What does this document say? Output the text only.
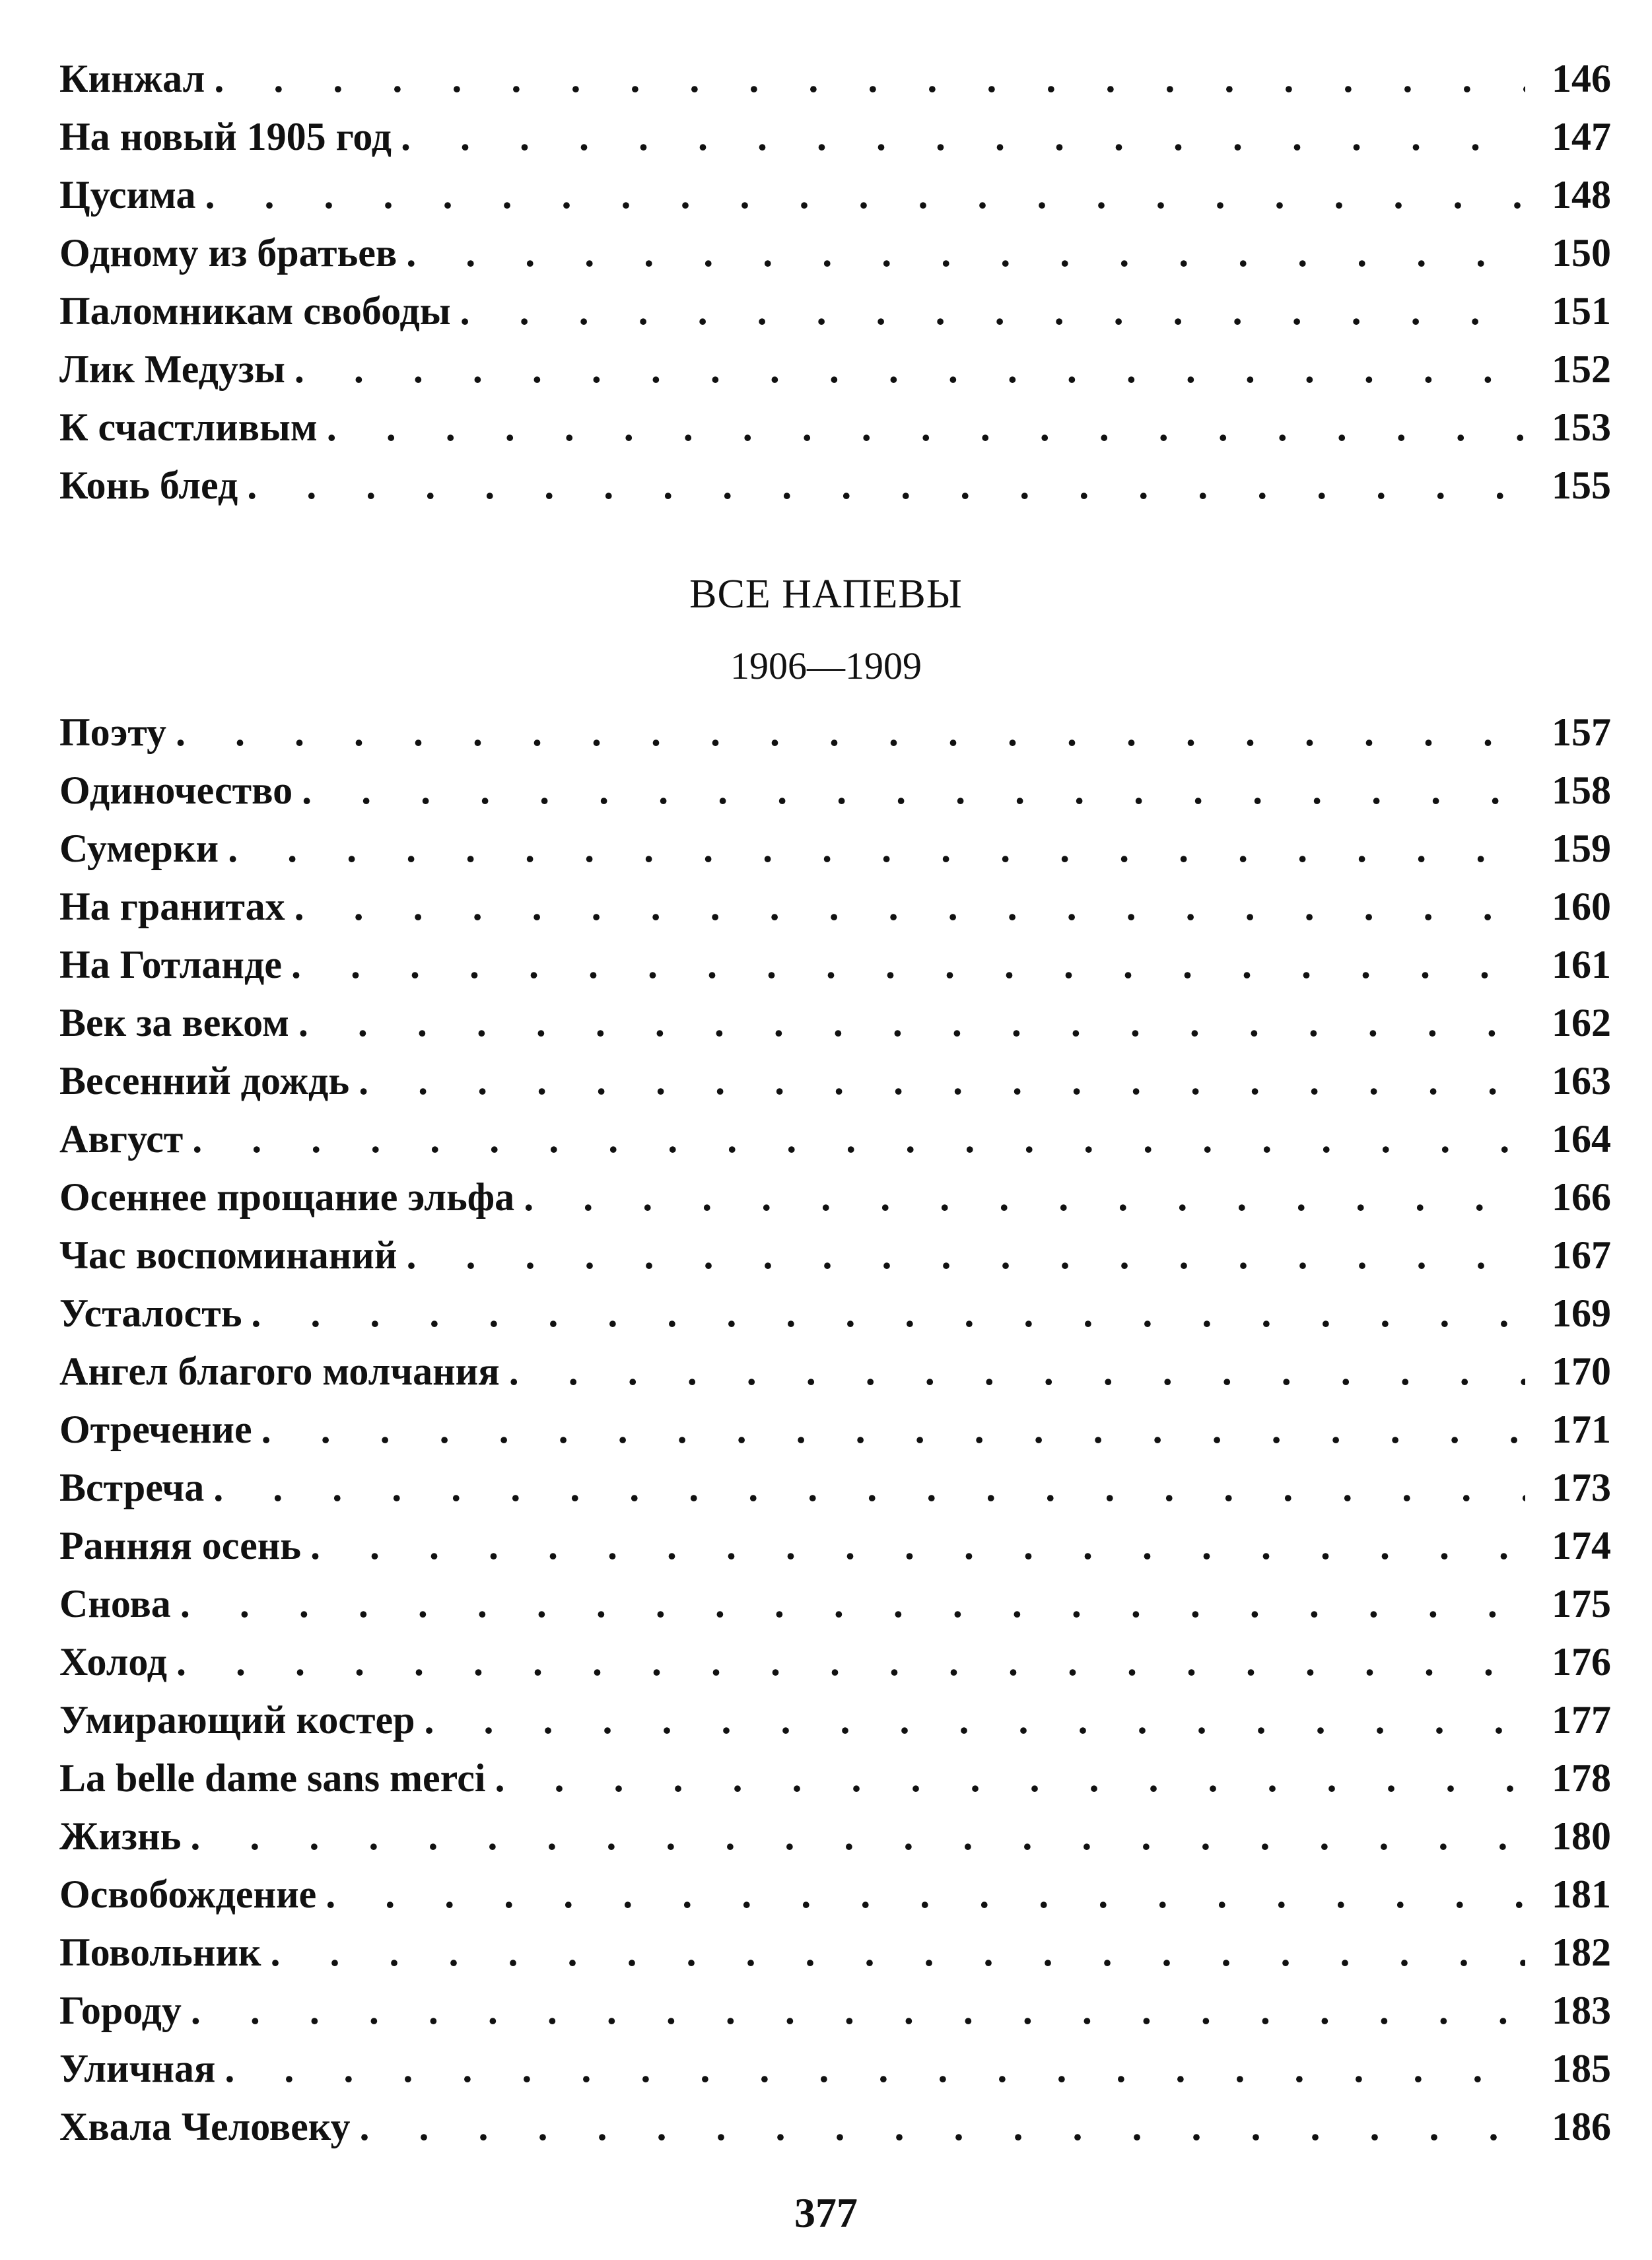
Кинжал . . .	146
На новый 1905 год . . .	147
Цусима . . .	148
Одному из братьев . . .	150
Паломникам свободы . . .	151
Лик Медузы . . .	152
К счастливым . . .	153
Конь блед . . .	155
ВСЕ НАПЕВЫ
1906—1909
Поэту . . .	157
Одиночество . . .	158
Сумерки . . .	159
На гранитах . . .	160
На Готланде . . .	161
Век за веком . . .	162
Весенний дождь . . .	163
Август . . .	164
Осеннее прощание эльфа . . .	166
Час воспоминаний . . .	167
Усталость . . .	169
Ангел благого молчания . . .	170
Отречение . . .	171
Встреча . . .	173
Ранняя осень . . .	174
Снова . . .	175
Холод . . .	176
Умирающий костер . . .	177
La belle dame sans merci . . .	178
Жизнь . . .	180
Освобождение . . .	181
Повольник . . .	182
Городу . . .	183
Уличная . . .	185
Хвала Человеку . . .	186
377
